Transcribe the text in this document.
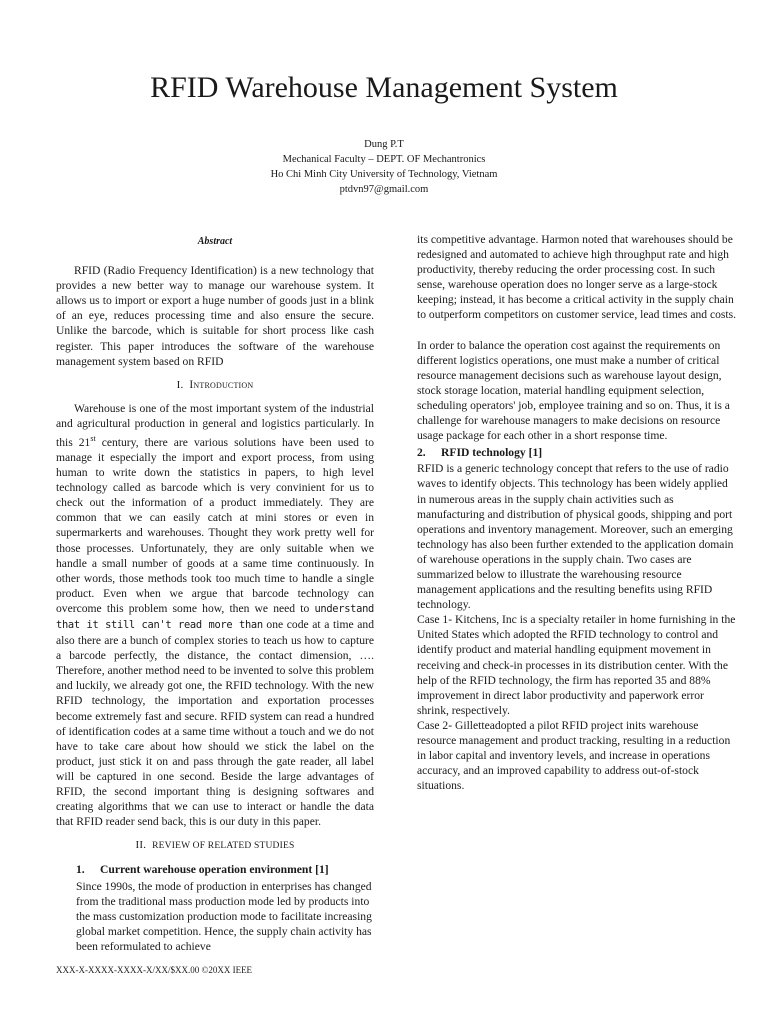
RFID Warehouse Management System
Dung P.T
Mechanical Faculty – DEPT. OF Mechantronics
Ho Chi Minh City University of Technology, Vietnam
ptdvn97@gmail.com
Abstract

RFID (Radio Frequency Identification) is a new technology that provides a new better way to manage our warehouse system. It allows us to import or export a huge number of goods just in a blink of an eye, reduces processing time and also ensure the secure. Unlike the barcode, which is suitable for short process like cash register. This paper introduces the software of the warehouse management system based on RFID

I. Introduction

Warehouse is one of the most important system of the industrial and agricultural production in general and logistics particularly. In this 21st century, there are various solutions have been used to manage it especially the import and export process, from using human to write down the statistics in papers, to high level technology called as barcode which is very convinient for us to check out the information of a product immediately. They are common that we can easily catch at mini stores or even in supermarkerts and warehouses. Thought they work pretty well for those processes. Unfortunately, they are only suitable when we handle a small number of goods at a same time continuously. In other words, those methods took too much time to handle a single product. Even when we argue that barcode technology can overcome this problem some how, then we need to understand that it still can't read more than one code at a time and also there are a bunch of complex stories to teach us how to capture a barcode perfectly, the distance, the contact dimension, …. Therefore, another method need to be invented to solve this problem and luckily, we already got one, the RFID technology. With the new RFID technology, the importation and exportation processes become extremely fast and secure. RFID system can read a hundred of identification codes at a same time without a touch and we do not have to take care about how should we stick the label on the product, just stick it on and pass through the gate reader, all label will be captured in one second. Beside the large advantages of RFID, the second important thing is designing softwares and creating algorithms that we can use to interact or handle the data that RFID reader send back, this is our duty in this paper.

II. REVIEW OF RELATED STUDIES
1. Current warehouse operation environment [1]

Since 1990s, the mode of production in enterprises has changed from the traditional mass production mode led by products into the mass customization production mode to facilitate increasing global market competition. Hence, the supply chain activity has been reformulated to achieve

its competitive advantage. Harmon noted that warehouses should be redesigned and automated to achieve high throughput rate and high productivity, thereby reducing the order processing cost. In such sense, warehouse operation does no longer serve as a large-stock keeping; instead, it has become a critical activity in the supply chain to outperform competitors on customer service, lead times and costs.

In order to balance the operation cost against the requirements on different logistics operations, one must make a number of critical resource management decisions such as warehouse layout design, stock storage location, material handling equipment selection, scheduling operators' job, employee training and so on. Thus, it is a challenge for warehouse managers to make decisions on resource usage package for each other in a short response time.

2. RFID technology [1]

RFID is a generic technology concept that refers to the use of radio waves to identify objects. This technology has been widely applied in numerous areas in the supply chain activities such as manufacturing and distribution of physical goods, shipping and port operations and inventory management. Moreover, such an emerging technology has also been further extended to the application domain of warehouse operations in the supply chain. Two cases are summarized below to illustrate the warehousing resource management applications and the resulting benefits using RFID technology.

Case 1- Kitchens, Inc is a specialty retailer in home furnishing in the United States which adopted the RFID technology to control and identify product and material handling equipment movement in receiving and check-in processes in its distribution center. With the help of the RFID technology, the firm has reported 35 and 88% improvement in direct labor productivity and paperwork error shrink, respectively.

Case 2- Gilletteadopted a pilot RFID project inits warehouse resource management and product tracking, resulting in a reduction in labor capital and inventory levels, and increase in operations accuracy, and an improved capability to address out-of-stock situations.

XXX-X-XXXX-XXXX-X/XX/$XX.00 ©20XX IEEE
